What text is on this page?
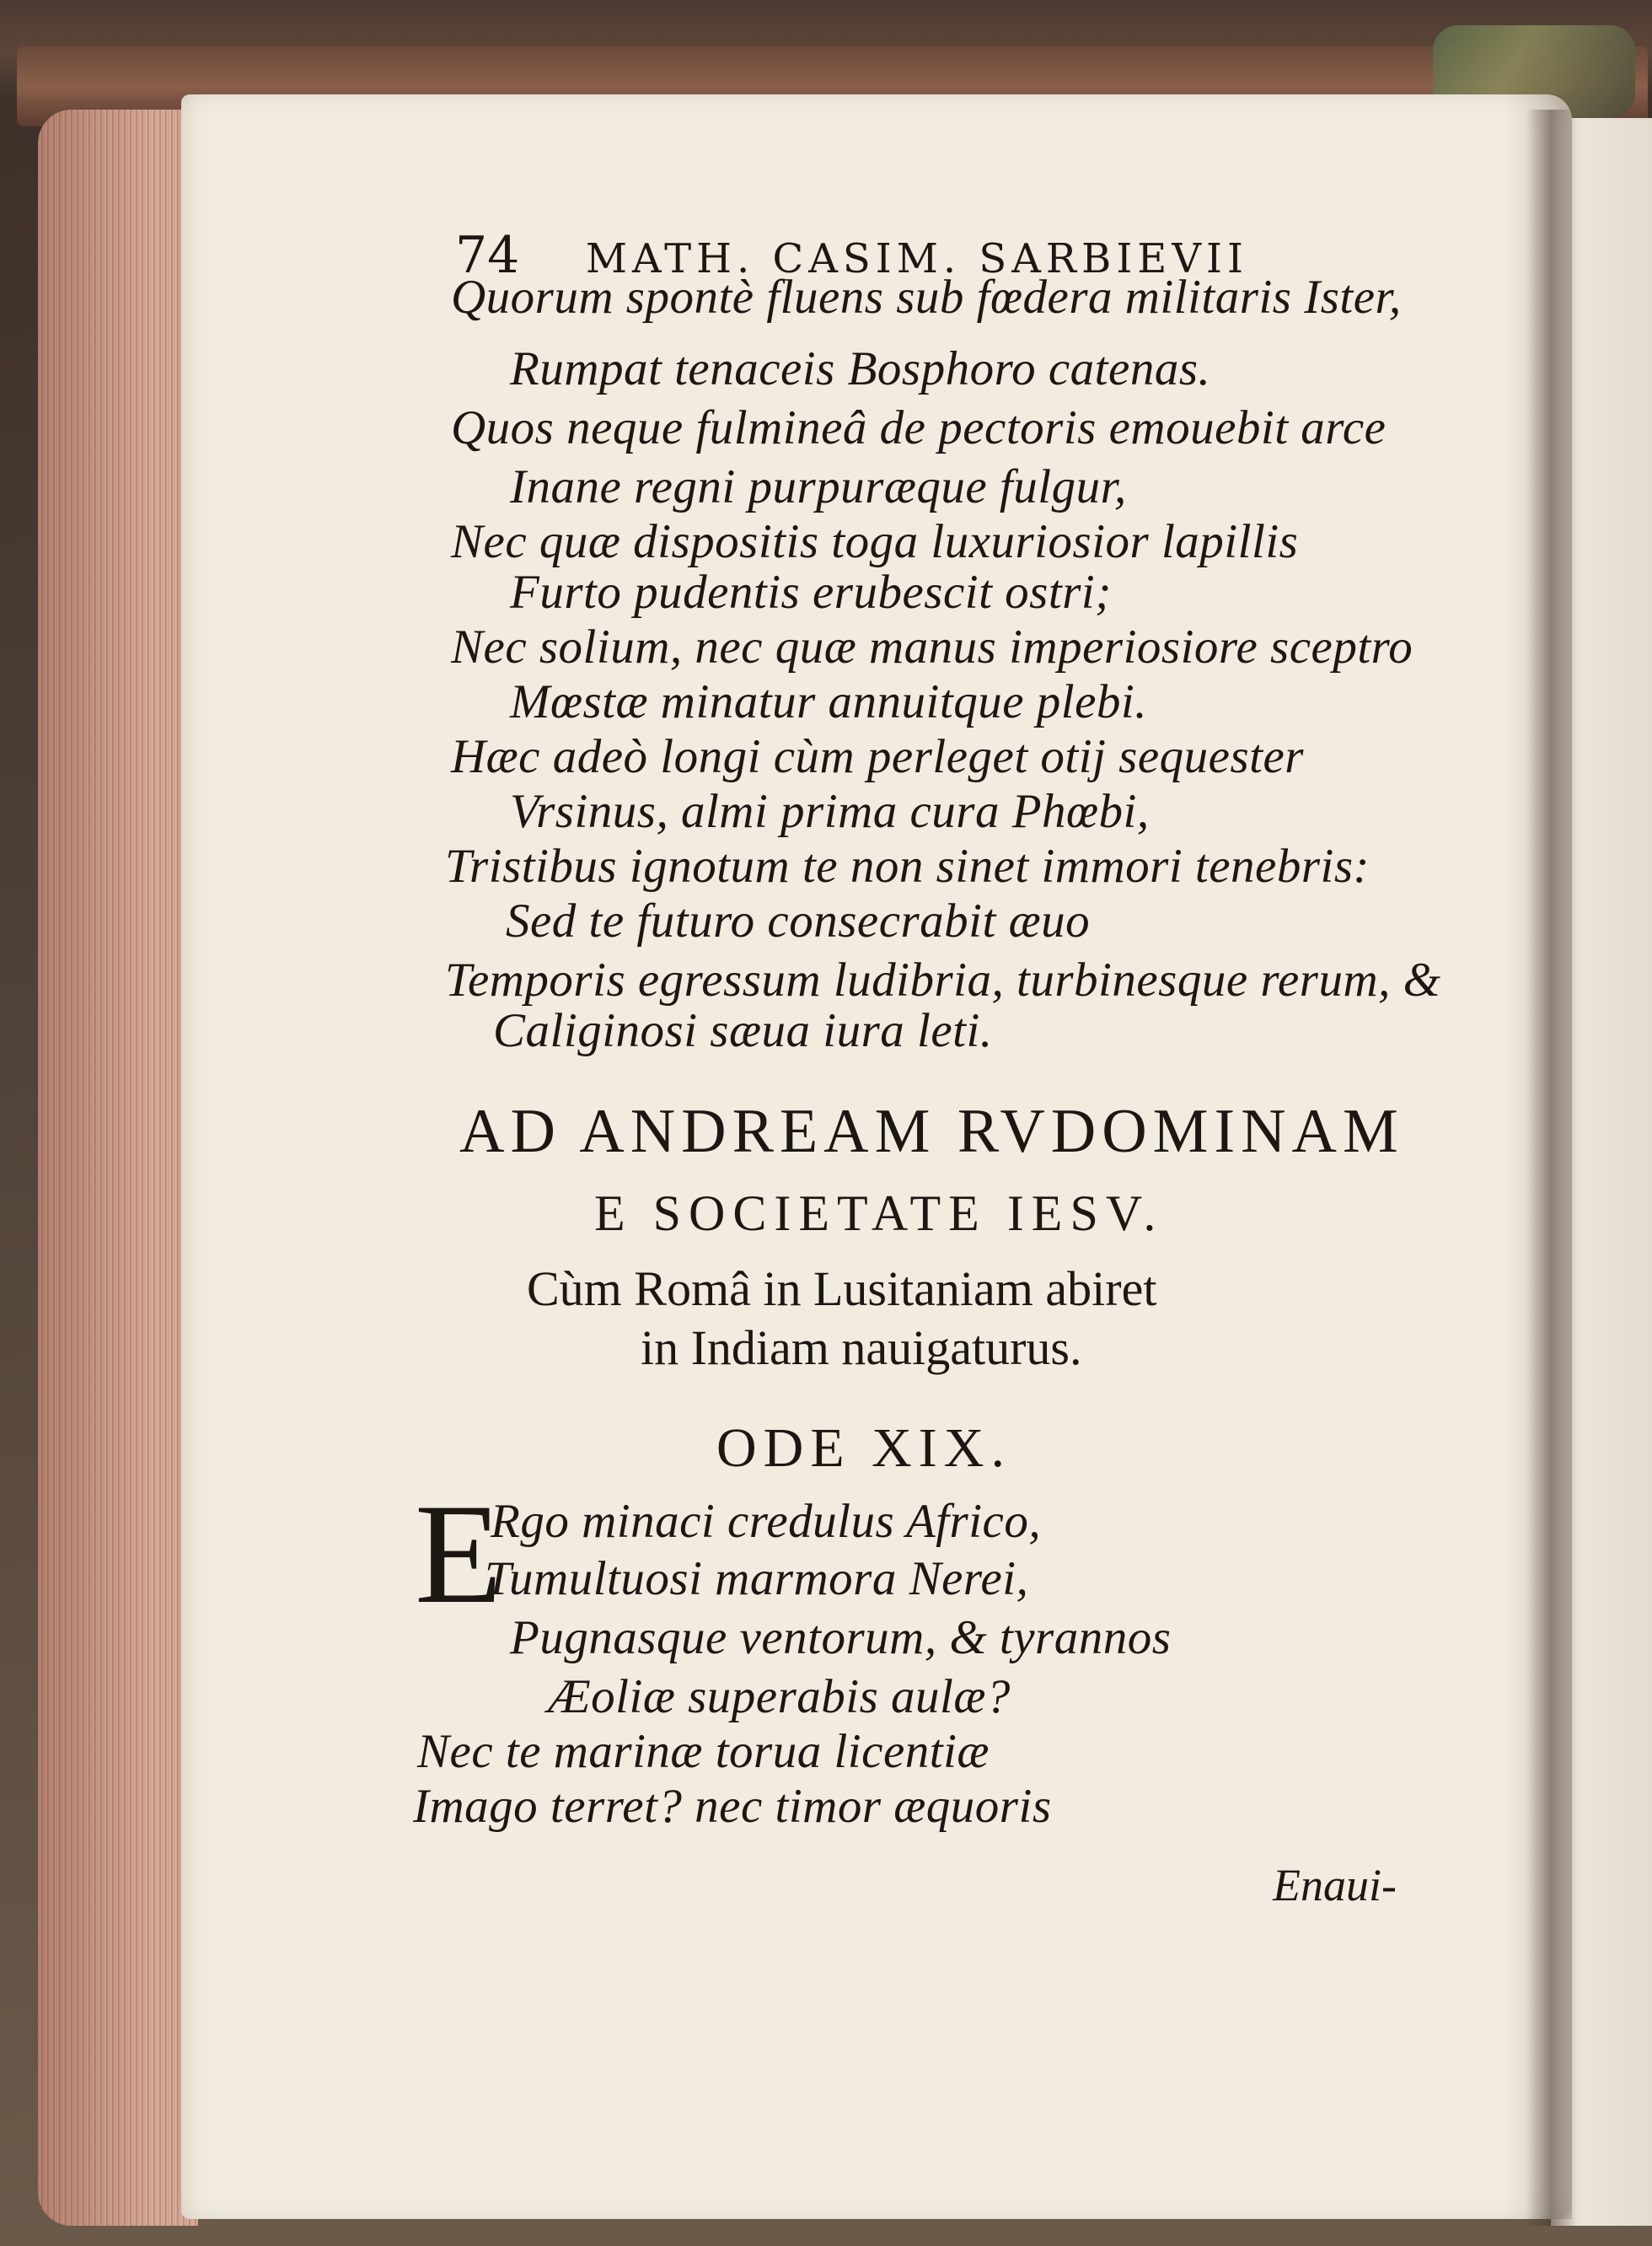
74 MATH. CASIM. SARBIEVII
Quorum spontè fluens sub fœdera militaris Ister,
Rumpat tenaceis Bosphoro catenas.
Quos neque fulmineâ de pectoris emouebit arce
Inane regni purpuræque fulgur,
Nec quæ dispositis toga luxuriosior lapillis
Furto pudentis erubescit ostri;
Nec solium, nec quæ manus imperiosiore sceptro
Mœstæ minatur annuitque plebi.
Hæc adeò longi cùm perleget otij sequester
Vrsinus, almi prima cura Phœbi,
Tristibus ignotum te non sinet immori tenebris:
Sed te futuro consecrabit æuo
Temporis egressum ludibria, turbinesque rerum, &
Caliginosi sæua iura leti.
AD ANDREAM RVDOMINAM
E SOCIETATE IESV.
Cùm Româ in Lusitaniam abiret
in Indiam nauigaturus.
ODE XIX.
E
Rgo minaci credulus Africo,
Tumultuosi marmora Nerei,
Pugnasque ventorum, & tyrannos
Æoliæ superabis aulæ?
Nec te marinæ torua licentiæ
Imago terret? nec timor æquoris
Enaui-
